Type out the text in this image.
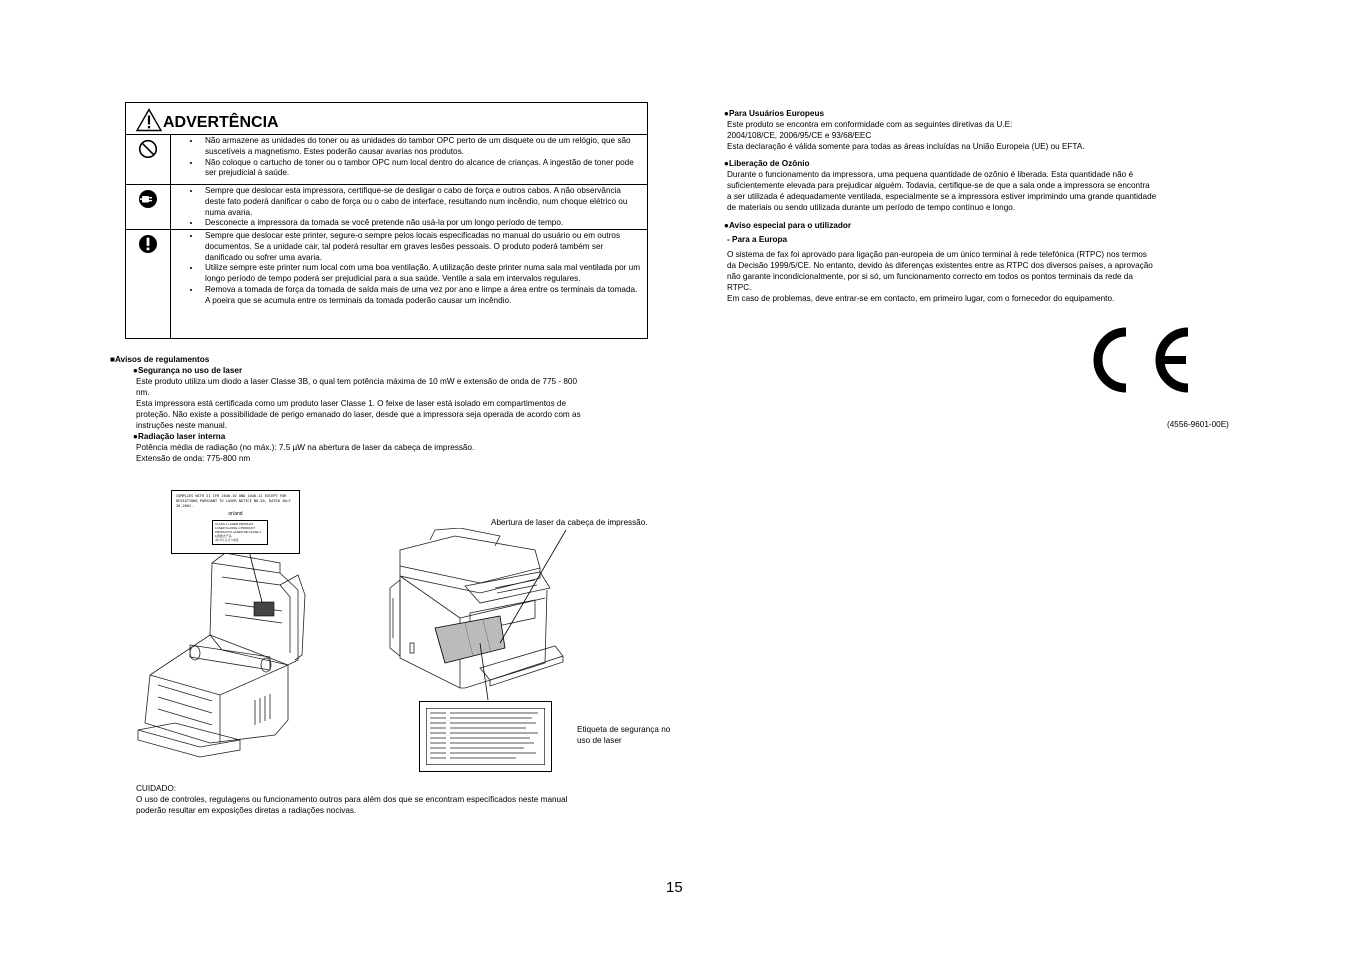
ADVERTÊNCIA
• Não armazene as unidades do toner ou as unidades do tambor OPC perto de um disquete ou de um relógio, que são suscetíveis a magnetismo. Estes poderão causar avarias nos produtos.
• Não coloque o cartucho de toner ou o tambor OPC num local dentro do alcance de crianças. A ingestão de toner pode ser prejudicial à saúde.
• Sempre que deslocar esta impressora, certifique-se de desligar o cabo de força e outros cabos. A não observância deste fato poderá danificar o cabo de força ou o cabo de interface, resultando num incêndio, num choque elétrico ou numa avaria.
• Desconecte a impressora da tomada se você pretende não usá-la por um longo período de tempo.
• Sempre que deslocar este printer, segure-o sempre pelos locais especificadas no manual do usuário ou em outros documentos. Se a unidade cair, tal poderá resultar em graves lesões pessoais. O produto poderá também ser danificado ou sofrer uma avaria.
• Utilize sempre este printer num local com uma boa ventilação. A utilização deste printer numa sala mal ventilada por um longo período de tempo poderá ser prejudicial para a sua saúde. Ventile a sala em intervalos regulares.
• Remova a tomada de força da tomada de saída mais de uma vez por ano e limpe a área entre os terminais da tomada. A poeira que se acumula entre os terminais da tomada poderão causar um incêndio.
■Avisos de regulamentos
●Segurança no uso de laser
Este produto utiliza um diodo a laser Classe 3B, o qual tem potência máxima de 10 mW e extensão de onda de 775 - 800
nm.
Esta impressora está certificada como um produto laser Classe 1. O feixe de laser está isolado em compartimentos de
proteção. Não existe a possibilidade de perigo emanado do laser, desde que a impressora seja operada de acordo com as
instruções neste manual.
●Radiação laser interna
Potência média de radiação (no máx.): 7.5 µW na abertura de laser da cabeça de impressão.
Extensão de onda: 775-800 nm
COMPLIES WITH 21 CFR 1040.10 AND 1040.11 EXCEPT FOR
DEVIATIONS PURSUANT TO LASER NOTICE NO.50, DATED JULY 26,2001.
or/and
CLASS 1 LASER PRODUCT
LASER KLASSE 1 PRODUKT
PRODUCTO LASER DE CLASE 1
1级激光产品
레이저 등급 1제품
Abertura de laser da cabeça de impressão.
Etiqueta de segurança no
uso de laser
CUIDADO:
O uso de controles, regulagens ou funcionamento outros para além dos que se encontram especificados neste manual
poderão resultar em exposições diretas a radiações nocivas.
●Para Usuários Europeus
Este produto se encontra em conformidade com as seguintes diretivas da U.E:
2004/108/CE, 2006/95/CE e 93/68/EEC
Esta declaração é válida somente para todas as áreas incluídas na União Europeia (UE) ou EFTA.
●Liberação de Ozônio
Durante o funcionamento da impressora, uma pequena quantidade de ozônio é liberada. Esta quantidade não é
suficientemente elevada para prejudicar alguém. Todavia, certifique-se de que a sala onde a impressora se encontra
a ser utilizada é adequadamente ventilada, especialmente se a impressora estiver imprimindo uma grande quantidade
de materiais ou sendo utilizada durante um período de tempo contínuo e longo.
●Aviso especial para o utilizador
- Para a Europa
O sistema de fax foi aprovado para ligação pan-europeia de um único terminal à rede telefónica (RTPC) nos termos
da Decisão 1999/5/CE. No entanto, devido às diferenças existentes entre as RTPC dos diversos países, a aprovação
não garante incondicionalmente, por si só, um funcionamento correcto em todos os pontos terminais da rede da
RTPC.
Em caso de problemas, deve entrar-se em contacto, em primeiro lugar, com o fornecedor do equipamento.
(4556-9601-00E)
15
